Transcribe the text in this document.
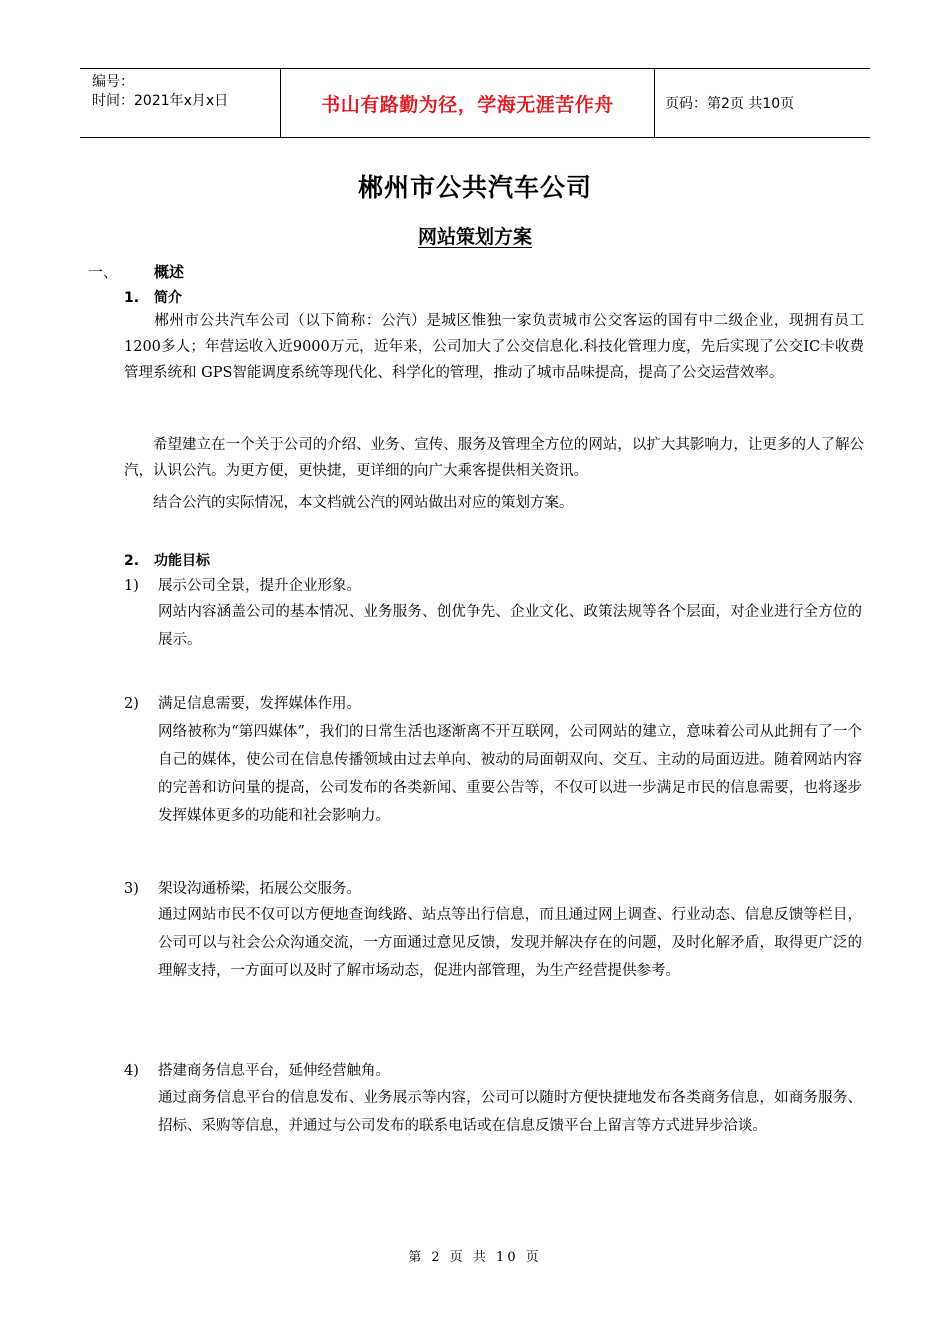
编号：
时间：2021年x月x日	书山有路勤为径，学海无涯苦作舟	页码：第2页 共10页
郴州市公共汽车公司
网站策划方案
一、 概述
1. 简介
　　郴州市公共汽车公司（以下简称：公汽）是城区惟独一家负责城市公交客运的国有中二级企业，现拥有员工1200多人；年营运收入近9000万元，近年来，公司加大了公交信息化.科技化管理力度，先后实现了公交IC卡收费管理系统和 GPS智能调度系统等现代化、科学化的管理，推动了城市品味提高，提高了公交运营效率。
　　希望建立在一个关于公司的介绍、业务、宣传、服务及管理全方位的网站，以扩大其影响力，让更多的人了解公汽，认识公汽。为更方便，更快捷，更详细的向广大乘客提供相关资讯。
　　结合公汽的实际情况，本文档就公汽的网站做出对应的策划方案。
2. 功能目标
1) 展示公司全景，提升企业形象。
网站内容涵盖公司的基本情况、业务服务、创优争先、企业文化、政策法规等各个层面，对企业进行全方位的展示。
2) 满足信息需要，发挥媒体作用。
网络被称为“第四媒体”，我们的日常生活也逐渐离不开互联网，公司网站的建立，意味着公司从此拥有了一个自己的媒体，使公司在信息传播领域由过去单向、被动的局面朝双向、交互、主动的局面迈进。随着网站内容的完善和访问量的提高，公司发布的各类新闻、重要公告等，不仅可以进一步满足市民的信息需要，也将逐步发挥媒体更多的功能和社会影响力。
3) 架设沟通桥梁，拓展公交服务。
通过网站市民不仅可以方便地查询线路、站点等出行信息，而且通过网上调查、行业动态、信息反馈等栏目，公司可以与社会公众沟通交流，一方面通过意见反馈，发现并解决存在的问题，及时化解矛盾，取得更广泛的理解支持，一方面可以及时了解市场动态，促进内部管理，为生产经营提供参考。
4) 搭建商务信息平台，延伸经营触角。
通过商务信息平台的信息发布、业务展示等内容，公司可以随时方便快捷地发布各类商务信息，如商务服务、招标、采购等信息，并通过与公司发布的联系电话或在信息反馈平台上留言等方式进异步洽谈。
第 2 页 共 10 页
